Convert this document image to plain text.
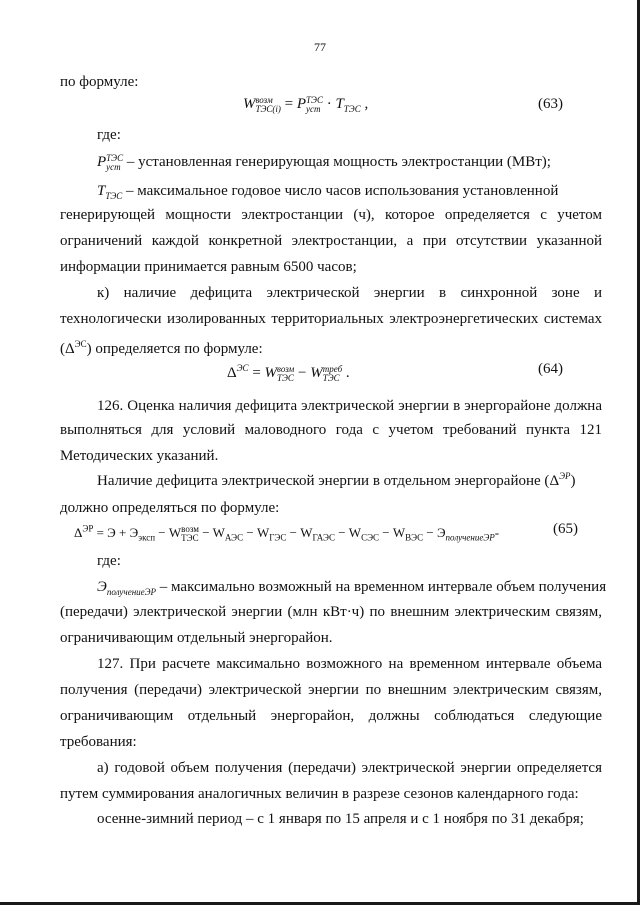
77
по формуле:
W возм
ТЭС(i) = P ТЭС
уст · $T_{ТЭС}$ ,	(63)
где:
P ТЭС
уст – установленная генерирующая мощность электростанции (МВт);
$T_{ТЭС}$ – максимальное годовое число часов использования установленной
генерирующей мощности электростанции (ч), которое определяется с учетом
ограничений каждой конкретной электростанции, а при отсутствии указанной
информации принимается равным 6500 часов;
к) наличие дефицита электрической энергии в синхронной зоне и
технологически изолированных территориальных электроэнергетических системах
$(\Delta^{ЭС})$ определяется по формуле:
$\Delta^{ЭС} = W$ возм
ТЭС − W треб
ТЭС .	(64)
126. Оценка наличия дефицита электрической энергии в энергорайоне должна
выполняться для условий маловодного года с учетом требований пункта 121
Методических указаний.
Наличие дефицита электрической энергии в отдельном энергорайоне $(\Delta^{ЭР})$
должно определяться по формуле:
$\Delta^{ЭР} = Э + Э_{эксп} - W$ возм
ТЭС − $W_{АЭС} - W_{ГЭС} - W_{ГАЭС} - W_{СЭС} - W_{ВЭС} - Э_{получениеЭР}-$	(65)
где:
$Э_{получениеЭР}$ – максимально возможный на временном интервале объем получения
(передачи) электрической энергии (млн кВт·ч) по внешним электрическим связям,
ограничивающим отдельный энергорайон.
127. При расчете максимально возможного на временном интервале объема
получения (передачи) электрической энергии по внешним электрическим связям,
ограничивающим отдельный энергорайон, должны соблюдаться следующие
требования:
а) годовой объем получения (передачи) электрической энергии определяется
путем суммирования аналогичных величин в разрезе сезонов календарного года:
осенне-зимний период – с 1 января по 15 апреля и с 1 ноября по 31 декабря;
